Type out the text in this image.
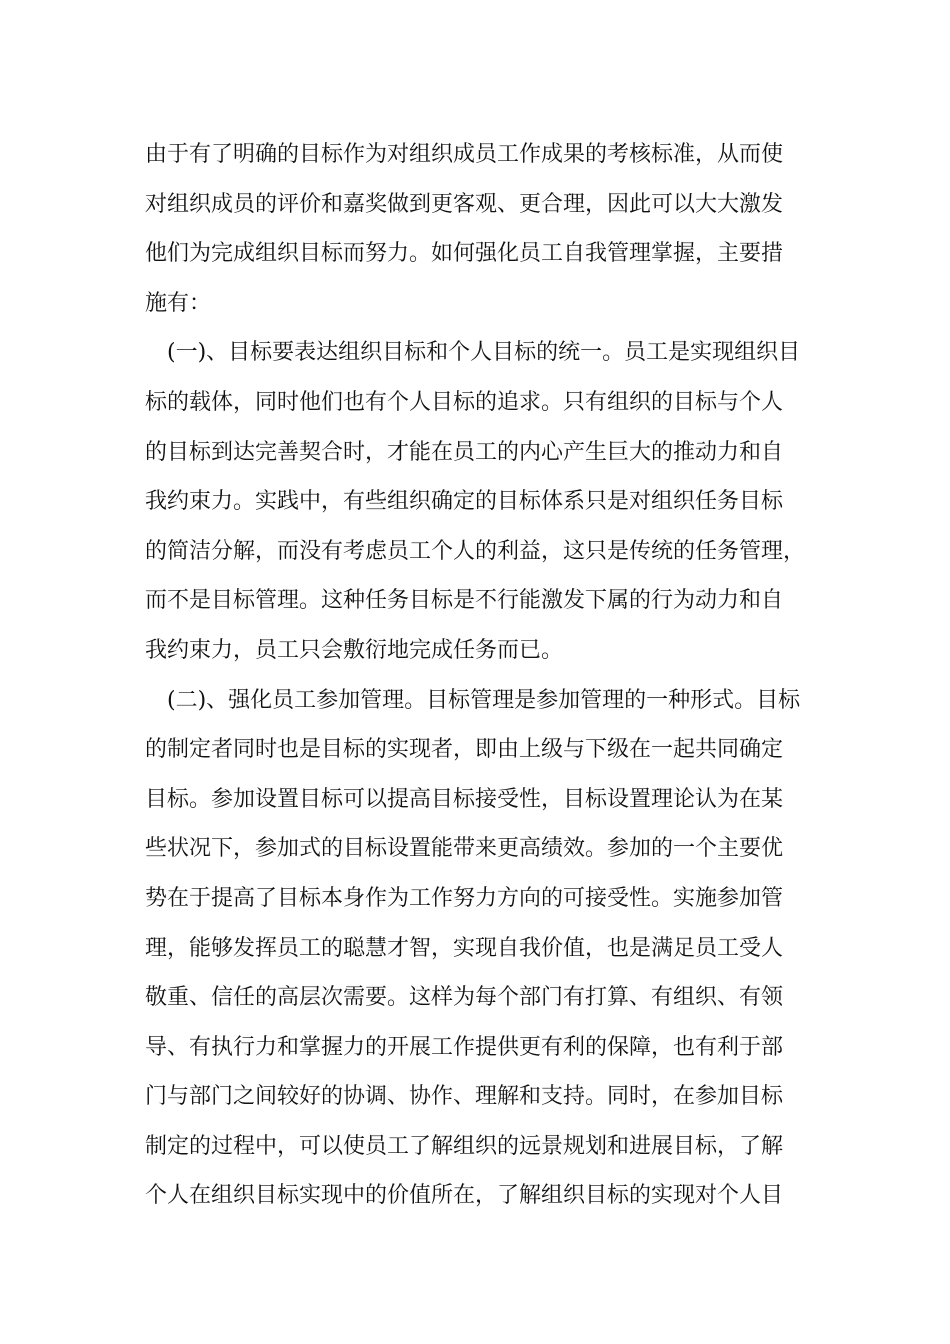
由于有了明确的目标作为对组织成员工作成果的考核标准，从而使
对组织成员的评价和嘉奖做到更客观、更合理，因此可以大大激发
他们为完成组织目标而努力。如何强化员工自我管理掌握，主要措
施有：
(一)、目标要表达组织目标和个人目标的统一。员工是实现组织目
标的载体，同时他们也有个人目标的追求。只有组织的目标与个人
的目标到达完善契合时，才能在员工的内心产生巨大的推动力和自
我约束力。实践中，有些组织确定的目标体系只是对组织任务目标
的简洁分解，而没有考虑员工个人的利益，这只是传统的任务管理，
而不是目标管理。这种任务目标是不行能激发下属的行为动力和自
我约束力，员工只会敷衍地完成任务而已。
(二)、强化员工参加管理。目标管理是参加管理的一种形式。目标
的制定者同时也是目标的实现者，即由上级与下级在一起共同确定
目标。参加设置目标可以提高目标接受性，目标设置理论认为在某
些状况下，参加式的目标设置能带来更高绩效。参加的一个主要优
势在于提高了目标本身作为工作努力方向的可接受性。实施参加管
理，能够发挥员工的聪慧才智，实现自我价值，也是满足员工受人
敬重、信任的高层次需要。这样为每个部门有打算、有组织、有领
导、有执行力和掌握力的开展工作提供更有利的保障，也有利于部
门与部门之间较好的协调、协作、理解和支持。同时，在参加目标
制定的过程中，可以使员工了解组织的远景规划和进展目标，了解
个人在组织目标实现中的价值所在，了解组织目标的实现对个人目
